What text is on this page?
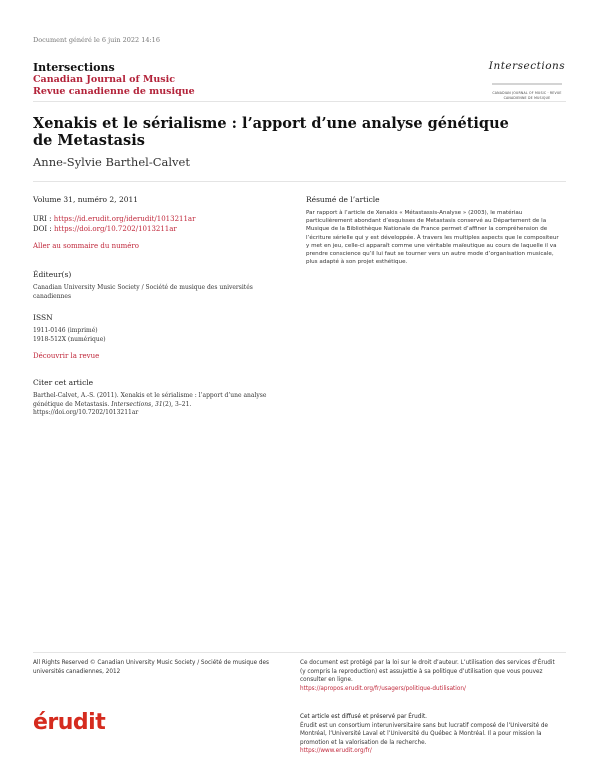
Document généré le 6 juin 2022 14:16
Intersections
Canadian Journal of Music
Revue canadienne de musique
Intersections
CANADIAN JOURNAL OF MUSIC · REVUE CANADIENNE DE MUSIQUE
Xenakis et le sérialisme : l’apport d’une analyse génétique de Metastasis
Anne-Sylvie Barthel-Calvet
Volume 31, numéro 2, 2011
URI : https://id.erudit.org/iderudit/1013211ar
DOI : https://doi.org/10.7202/1013211ar
Aller au sommaire du numéro
Éditeur(s)
Canadian University Music Society / Société de musique des universités canadiennes
ISSN
1911-0146 (imprimé)
1918-512X (numérique)
Découvrir la revue
Citer cet article
Barthel-Calvet, A.-S. (2011). Xenakis et le sérialisme : l’apport d’une analyse génétique de Metastasis. Intersections, 31(2), 3–21. https://doi.org/10.7202/1013211ar
Résumé de l’article
Par rapport à l’article de Xenakis « Métastassis-Analyse » (2003), le matériau particulièrement abondant d’esquisses de Metastasis conservé au Département de la Musique de la Bibliothèque Nationale de France permet d’affiner la compréhension de l’écriture sérielle qui y est développée. À travers les multiples aspects que le compositeur y met en jeu, celle-ci apparaît comme une véritable maïeutique au cours de laquelle il va prendre conscience qu’il lui faut se tourner vers un autre mode d’organisation musicale, plus adapté à son projet esthétique.
All Rights Reserved © Canadian University Music Society / Société de musique des universités canadiennes, 2012
Ce document est protégé par la loi sur le droit d’auteur. L’utilisation des services d’Érudit (y compris la reproduction) est assujettie à sa politique d’utilisation que vous pouvez consulter en ligne.
https://apropos.erudit.org/fr/usagers/politique-dutilisation/
érudit	Cet article est diffusé et préservé par Érudit.
Érudit est un consortium interuniversitaire sans but lucratif composé de l’Université de Montréal, l’Université Laval et l’Université du Québec à Montréal. Il a pour mission la promotion et la valorisation de la recherche.
https://www.erudit.org/fr/
